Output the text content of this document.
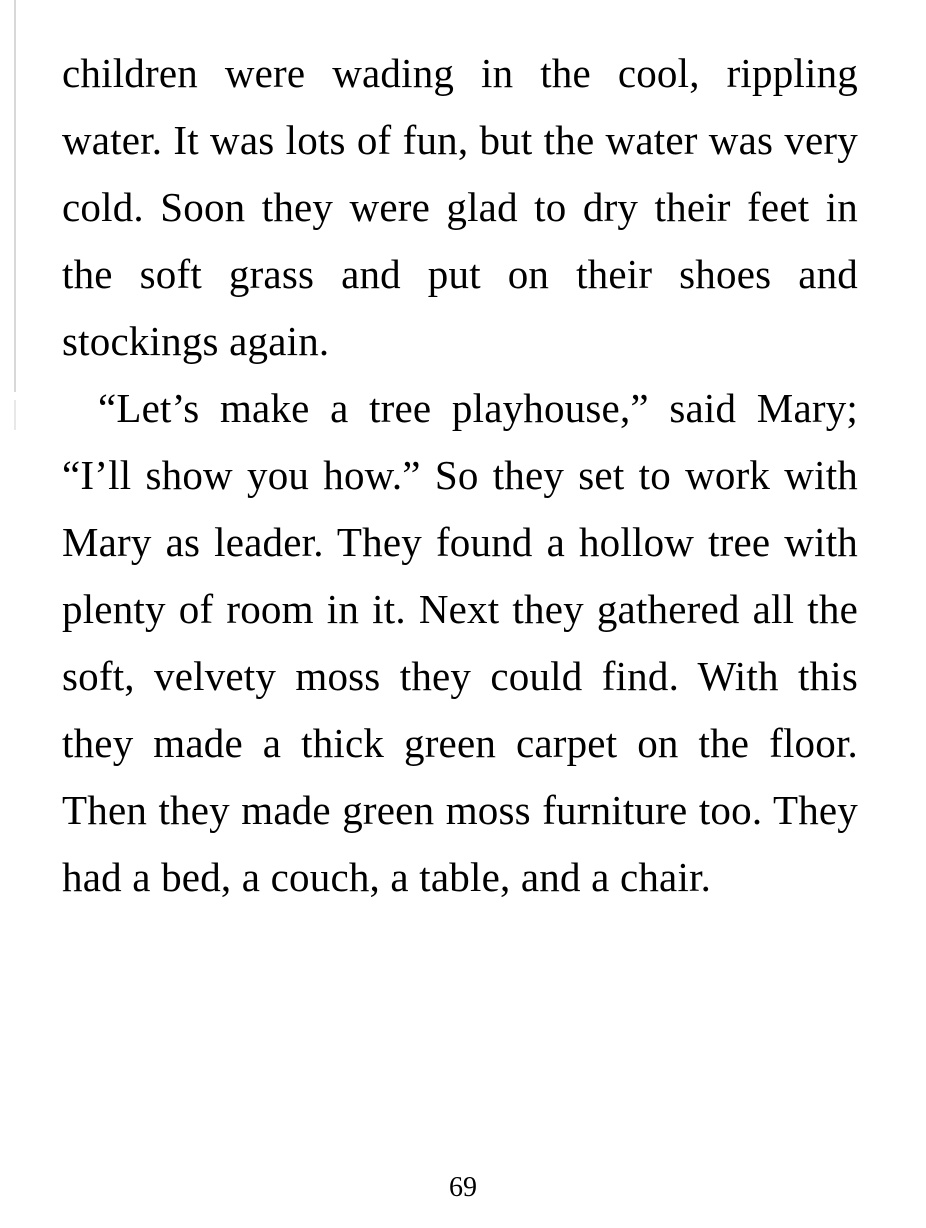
children were wading in the cool, rippling water. It was lots of fun, but the water was very cold. Soon they were glad to dry their feet in the soft grass and put on their shoes and stockings again.

“Let’s make a tree playhouse,” said Mary; “I’ll show you how.” So they set to work with Mary as leader. They found a hollow tree with plenty of room in it. Next they gathered all the soft, velvety moss they could find. With this they made a thick green carpet on the floor. Then they made green moss furniture too. They had a bed, a couch, a table, and a chair.

69
